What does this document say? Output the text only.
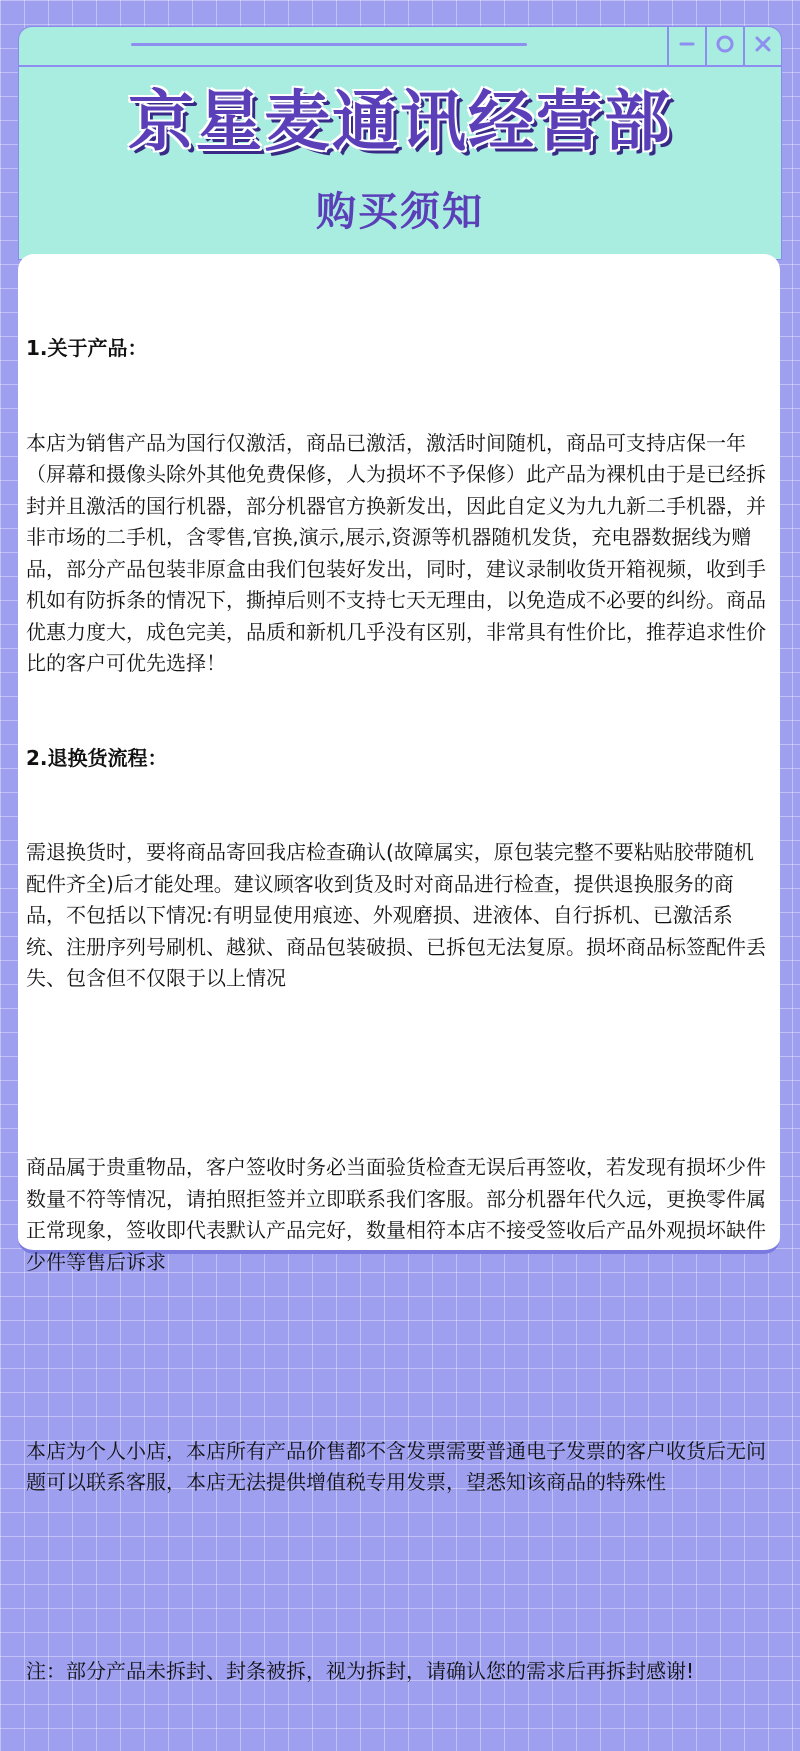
京星麦通讯经营部
购买须知

1.关于产品：

本店为销售产品为国行仅激活，商品已激活，激活时间随机，商品可支持店保一年（屏幕和摄像头除外其他免费保修，人为损坏不予保修）此产品为裸机由于是已经拆封并且激活的国行机器，部分机器官方换新发出，因此自定义为九九新二手机器，并非市场的二手机，含零售,官换,演示,展示,资源等机器随机发货，充电器数据线为赠品，部分产品包装非原盒由我们包装好发出，同时，建议录制收货开箱视频，收到手机如有防拆条的情况下，撕掉后则不支持七天无理由，以免造成不必要的纠纷。商品优惠力度大，成色完美，品质和新机几乎没有区别，非常具有性价比，推荐追求性价比的客户可优先选择！

2.退换货流程：

需退换货时，要将商品寄回我店检查确认(故障属实，原包装完整不要粘贴胶带随机配件齐全)后才能处理。建议顾客收到货及时对商品进行检查，提供退换服务的商品，不包括以下情况:有明显使用痕迹、外观磨损、进液体、自行拆机、已激活系统、注册序列号刷机、越狱、商品包装破损、已拆包无法复原。损坏商品标签配件丢失、包含但不仅限于以上情况

商品属于贵重物品，客户签收时务必当面验货检查无误后再签收，若发现有损坏少件数量不符等情况，请拍照拒签并立即联系我们客服。部分机器年代久远，更换零件属正常现象，签收即代表默认产品完好，数量相符本店不接受签收后产品外观损坏缺件少件等售后诉求

本店为个人小店，本店所有产品价售都不含发票需要普通电子发票的客户收货后无问题可以联系客服，本店无法提供增值税专用发票，望悉知该商品的特殊性

注：部分产品未拆封、封条被拆，视为拆封，请确认您的需求后再拆封感谢!
